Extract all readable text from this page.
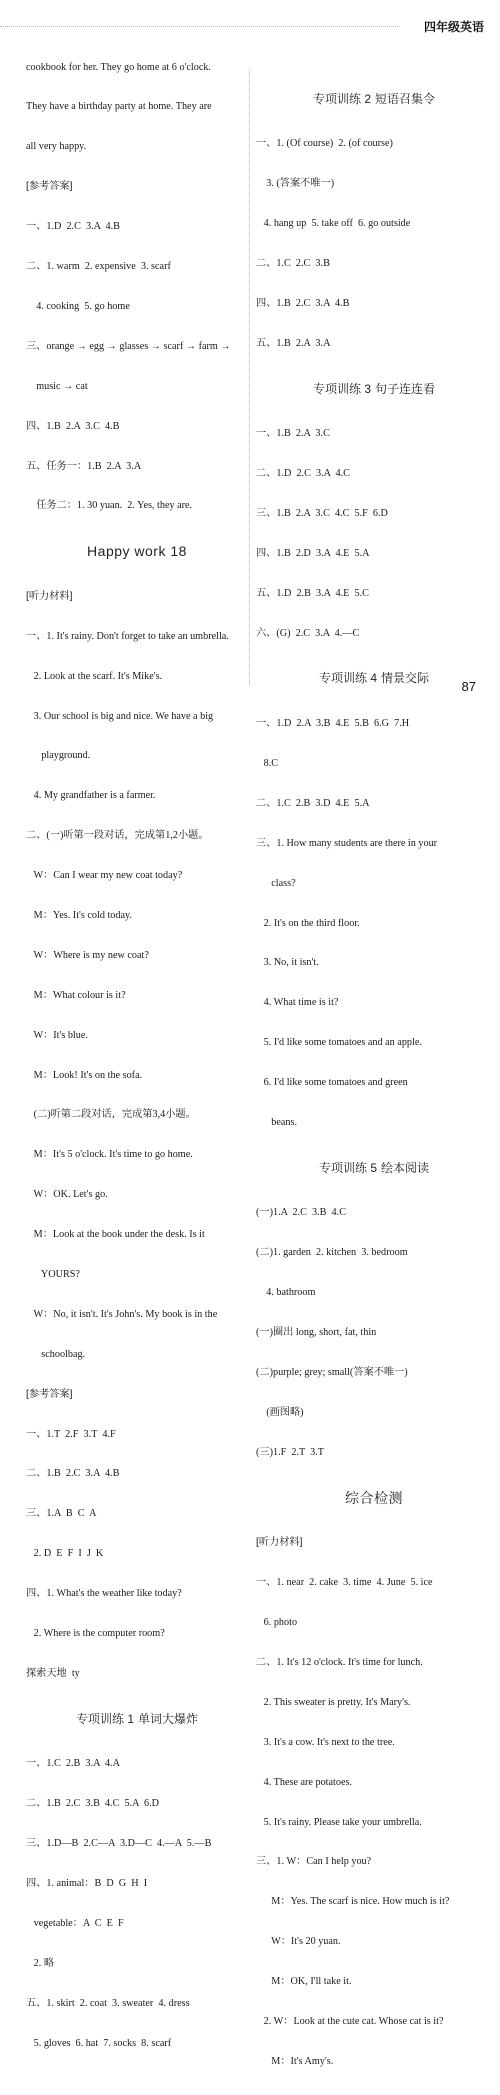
四年级英语

cookbook for her. They go home at 6 o'clock.

They have a birthday party at home. They are

all very happy.

[参考答案]

一、1.D  2.C  3.A  4.B

二、1. warm  2. expensive  3. scarf

4. cooking  5. go home

三、orange → egg → glasses → scarf → farm →

music → cat

四、1.B  2.A  3.C  4.B

五、任务一：1.B  2.A  3.A

任务二：1. 30 yuan.  2. Yes, they are.

Happy work 18

[听力材料]

一、1. It's rainy. Don't forget to take an umbrella.

2. Look at the scarf. It's Mike's.

3. Our school is big and nice. We have a big

playground.

4. My grandfather is a farmer.

二、(一)听第一段对话，完成第1,2小题。

W：Can I wear my new coat today?

M：Yes. It's cold today.

W：Where is my new coat?

M：What colour is it?

W：It's blue.

M：Look! It's on the sofa.

(二)听第二段对话，完成第3,4小题。

M：It's 5 o'clock. It's time to go home.

W：OK. Let's go.

M：Look at the book under the desk. Is it

YOURS?

W：No, it isn't. It's John's. My book is in the

schoolbag.

[参考答案]

一、1.T  2.F  3.T  4.F

二、1.B  2.C  3.A  4.B

三、1.A  B  C  A

2. D  E  F  I  J  K

四、1. What's the weather like today?

2. Where is the computer room?

探索天地  ty

专项训练 1 单词大爆炸

一、1.C  2.B  3.A  4.A

二、1.B  2.C  3.B  4.C  5.A  6.D

三、1.D—B  2.C—A  3.D—C  4.—A  5.—B

四、1. animal：B  D  G  H  I

vegetable：A  C  E  F

2. 略

五、1. skirt  2. coat  3. sweater  4. dress

5. gloves  6. hat  7. socks  8. scarf

专项训练 2 短语召集令

一、1. (Of course)  2. (of course)

3. (答案不唯一)

4. hang up  5. take off  6. go outside

二、1.C  2.C  3.B

四、1.B  2.C  3.A  4.B

五、1.B  2.A  3.A

专项训练 3 句子连连看

一、1.B  2.A  3.C

二、1.D  2.C  3.A  4.C

三、1.B  2.A  3.C  4.C  5.F  6.D

四、1.B  2.D  3.A  4.E  5.A

五、1.D  2.B  3.A  4.E  5.C

六、(G)  2.C  3.A  4.—C

专项训练 4 情景交际

一、1.D  2.A  3.B  4.E  5.B  6.G  7.H

8.C

二、1.C  2.B  3.D  4.E  5.A

三、1. How many students are there in your

class?

2. It's on the third floor.

3. No, it isn't.

4. What time is it?

5. I'd like some tomatoes and an apple.

6. I'd like some tomatoes and green

beans.

专项训练 5 绘本阅读

(一)1.A  2.C  3.B  4.C

(二)1. garden  2. kitchen  3. bedroom

4. bathroom

(一)圈出 long, short, fat, thin

(二)purple; grey; small(答案不唯一)

(画图略)

(三)1.F  2.T  3.T

综合检测

[听力材料]

一、1. near  2. cake  3. time  4. June  5. ice

6. photo

二、1. It's 12 o'clock. It's time for lunch.

2. This sweater is pretty. It's Mary's.

3. It's a cow. It's next to the tree.

4. These are potatoes.

5. It's rainy. Please take your umbrella.

三、1. W：Can I help you?

M：Yes. The scarf is nice. How much is it?

W：It's 20 yuan.

M：OK, I'll take it.

2. W：Look at the cute cat. Whose cat is it?

M：It's Amy's.

87
